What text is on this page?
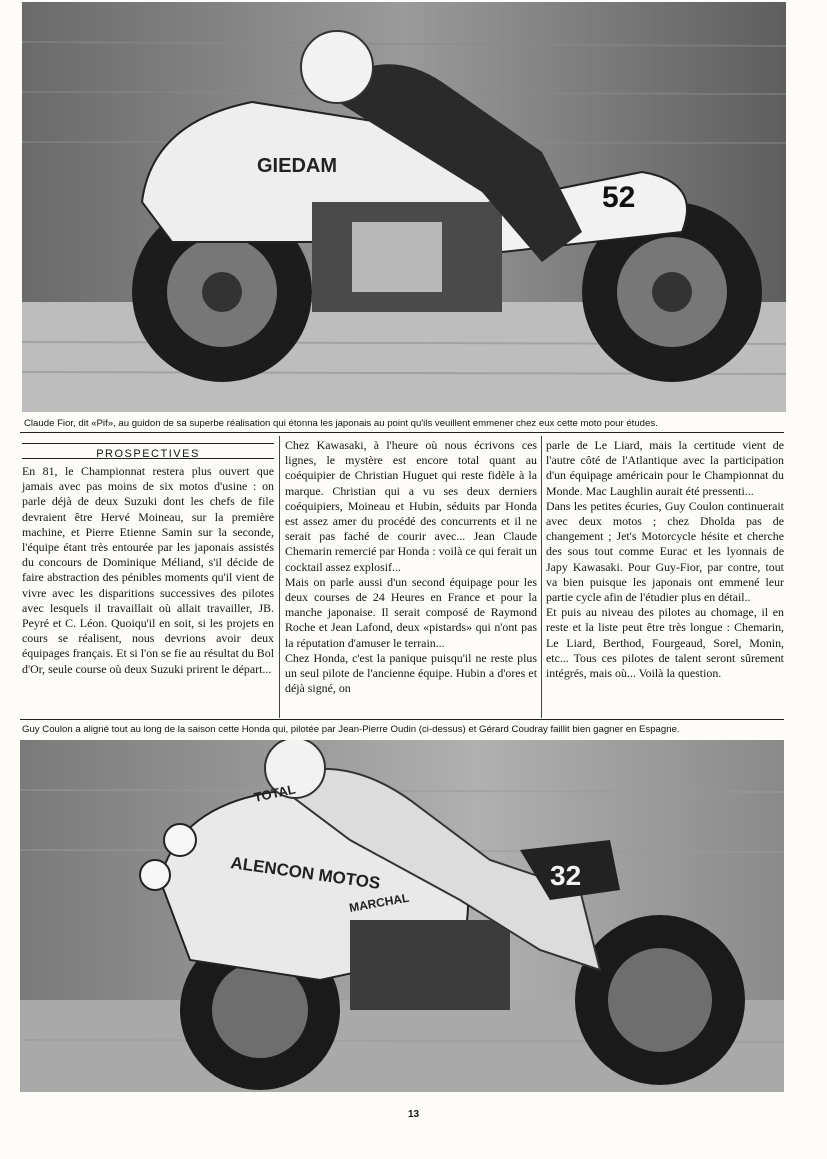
GIEDAM
52
Claude Fior, dit «Pif», au guidon de sa superbe réalisation qui étonna les japonais au point qu'ils veuillent emmener chez eux cette moto pour études.
PROSPECTIVES

En 81, le Championnat restera plus ouvert que jamais avec pas moins de six motos d'usine : on parle déjà de deux Suzuki dont les chefs de file devraient être Hervé Moineau, sur la première machine, et Pierre Etienne Samin sur la seconde, l'équipe étant très entourée par les japonais assistés du concours de Dominique Méliand, s'il décide de faire abstraction des pénibles moments qu'il vient de vivre avec les disparitions successives des pilotes avec lesquels il travaillait où allait travailler, JB. Peyré et C. Léon. Quoiqu'il en soit, si les projets en cours se réalisent, nous devrions avoir deux équipages français. Et si l'on se fie au résultat du Bol d'Or, seule course où deux Suzuki prirent le départ...

Chez Kawasaki, à l'heure où nous écrivons ces lignes, le mystère est encore total quant au coéquipier de Christian Huguet qui reste fidèle à la marque. Christian qui a vu ses deux derniers coéquipiers, Moineau et Hubin, séduits par Honda est assez amer du procédé des concurrents et il ne serait pas faché de courir avec... Jean Claude Chemarin remercié par Honda : voilà ce qui ferait un cocktail assez explosif...

Mais on parle aussi d'un second équipage pour les deux courses de 24 Heures en France et pour la manche japonaise. Il serait composé de Raymond Roche et Jean Lafond, deux «pistards» qui n'ont pas la réputation d'amuser le terrain...

Chez Honda, c'est la panique puisqu'il ne reste plus un seul pilote de l'ancienne équipe. Hubin a d'ores et déjà signé, on

parle de Le Liard, mais la certitude vient de l'autre côté de l'Atlantique avec la participation d'un équipage américain pour le Championnat du Monde. Mac Laughlin aurait été pressenti...

Dans les petites écuries, Guy Coulon continuerait avec deux motos ; chez Dholda pas de changement ; Jet's Motorcycle hésite et cherche des sous tout comme Eurac et les lyonnais de Japy Kawasaki. Pour Guy-Fior, par contre, tout va bien puisque les japonais ont emmené leur partie cycle afin de l'étudier plus en détail..

Et puis au niveau des pilotes au chomage, il en reste et la liste peut être très longue : Chemarin, Le Liard, Berthod, Fourgeaud, Sorel, Monin, etc... Tous ces pilotes de talent seront sûrement intégrés, mais où... Voilà la question.

Guy Coulon a aligné tout au long de la saison cette Honda qui, pilotée par Jean-Pierre Oudin (ci-dessus) et Gérard Coudray faillit bien gagner en Espagne.
ALENCON MOTOS
MARCHAL
TOTAL
32
13
